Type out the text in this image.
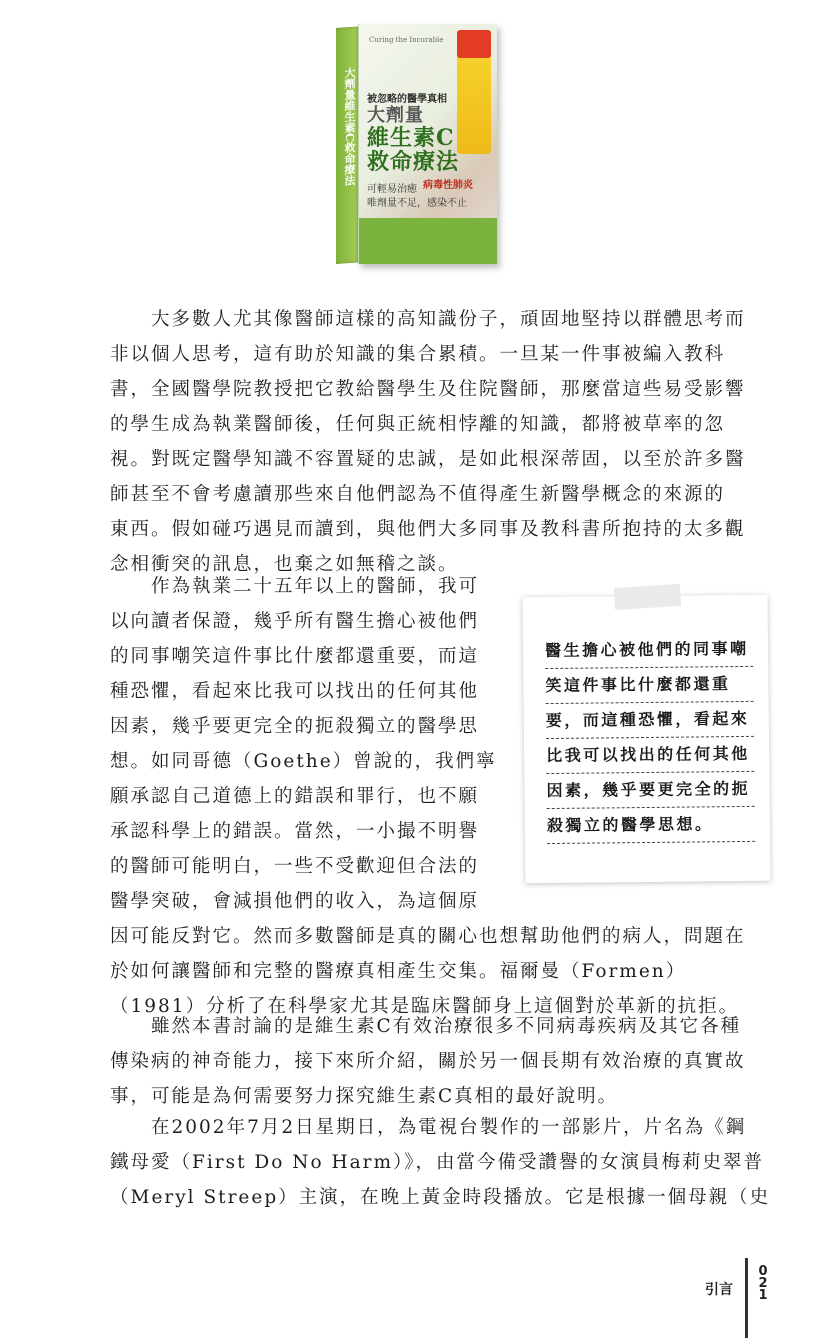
大劑量維生素C救命療法
Curing the Incurable
被忽略的醫學真相
大劑量
維生素C
救命療法
可輕易治癒 病毒性肺炎
唯劑量不足，感染不止
　　大多數人尤其像醫師這樣的高知識份子，頑固地堅持以群體思考而
非以個人思考，這有助於知識的集合累積。一旦某一件事被編入教科
書，全國醫學院教授把它教給醫學生及住院醫師，那麼當這些易受影響
的學生成為執業醫師後，任何與正統相悖離的知識，都將被草率的忽
視。對既定醫學知識不容置疑的忠誠，是如此根深蒂固，以至於許多醫
師甚至不會考慮讀那些來自他們認為不值得產生新醫學概念的來源的
東西。假如碰巧遇見而讀到，與他們大多同事及教科書所抱持的太多觀
念相衝突的訊息，也棄之如無稽之談。
　　作為執業二十五年以上的醫師，我可
以向讀者保證，幾乎所有醫生擔心被他們
的同事嘲笑這件事比什麼都還重要，而這
種恐懼，看起來比我可以找出的任何其他
因素，幾乎要更完全的扼殺獨立的醫學思
想。如同哥德（Goethe）曾說的，我們寧
願承認自己道德上的錯誤和罪行，也不願
承認科學上的錯誤。當然，一小撮不明譽
的醫師可能明白，一些不受歡迎但合法的
醫學突破，會減損他們的收入，為這個原
因可能反對它。然而多數醫師是真的關心也想幫助他們的病人，問題在
於如何讓醫師和完整的醫療真相產生交集。福爾曼（Formen）
（1981）分析了在科學家尤其是臨床醫師身上這個對於革新的抗拒。
　　雖然本書討論的是維生素C有效治療很多不同病毒疾病及其它各種
傳染病的神奇能力，接下來所介紹，關於另一個長期有效治療的真實故
事，可能是為何需要努力探究維生素C真相的最好說明。
　　在2002年7月2日星期日，為電視台製作的一部影片，片名為《鋼
鐵母愛（First Do No Harm）》，由當今備受讚譽的女演員梅莉史翠普
（Meryl Streep）主演，在晚上黃金時段播放。它是根據一個母親（史
醫生擔心被他們的同事嘲
笑這件事比什麼都還重
要，而這種恐懼，看起來
比我可以找出的任何其他
因素，幾乎要更完全的扼
殺獨立的醫學思想。
引言
021
